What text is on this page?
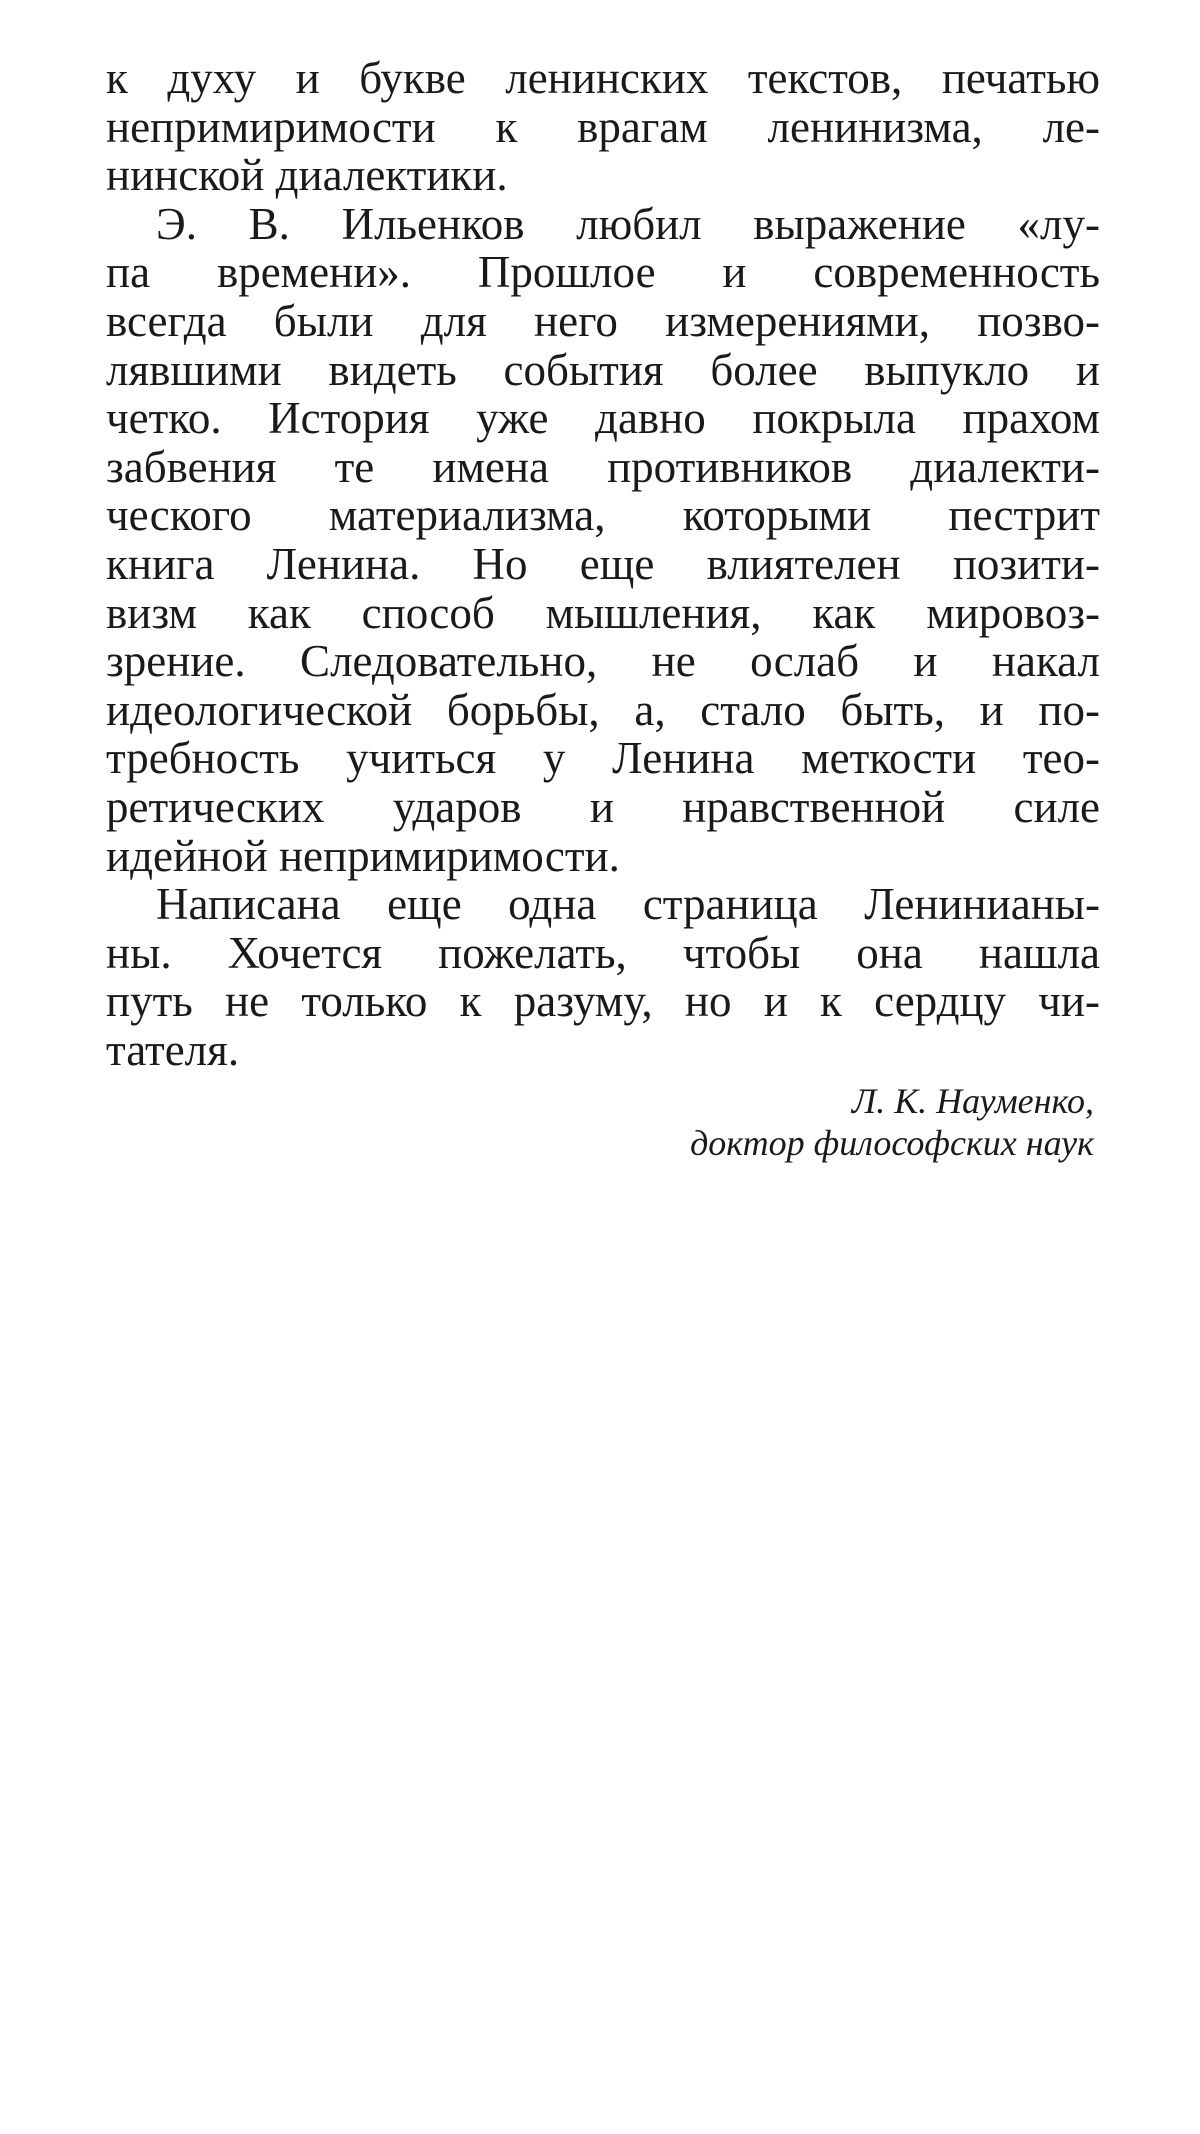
к духу и букве ленинских текстов, печатью
непримиримости к врагам ленинизма, ле-
нинской диалектики.
Э. В. Ильенков любил выражение «лу-
па времени». Прошлое и современность
всегда были для него измерениями, позво-
лявшими видеть события более выпукло и
четко. История уже давно покрыла прахом
забвения те имена противников диалекти-
ческого материализма, которыми пестрит
книга Ленина. Но еще влиятелен позити-
визм как способ мышления, как мировоз-
зрение. Следовательно, не ослаб и накал
идеологической борьбы, а, стало быть, и по-
требность учиться у Ленина меткости тео-
ретических ударов и нравственной силе
идейной непримиримости.
Написана еще одна страница Ленинианы-
ны. Хочется пожелать, чтобы она нашла
путь не только к разуму, но и к сердцу чи-
тателя.
Л. К. Науменко,
доктор философских наук
